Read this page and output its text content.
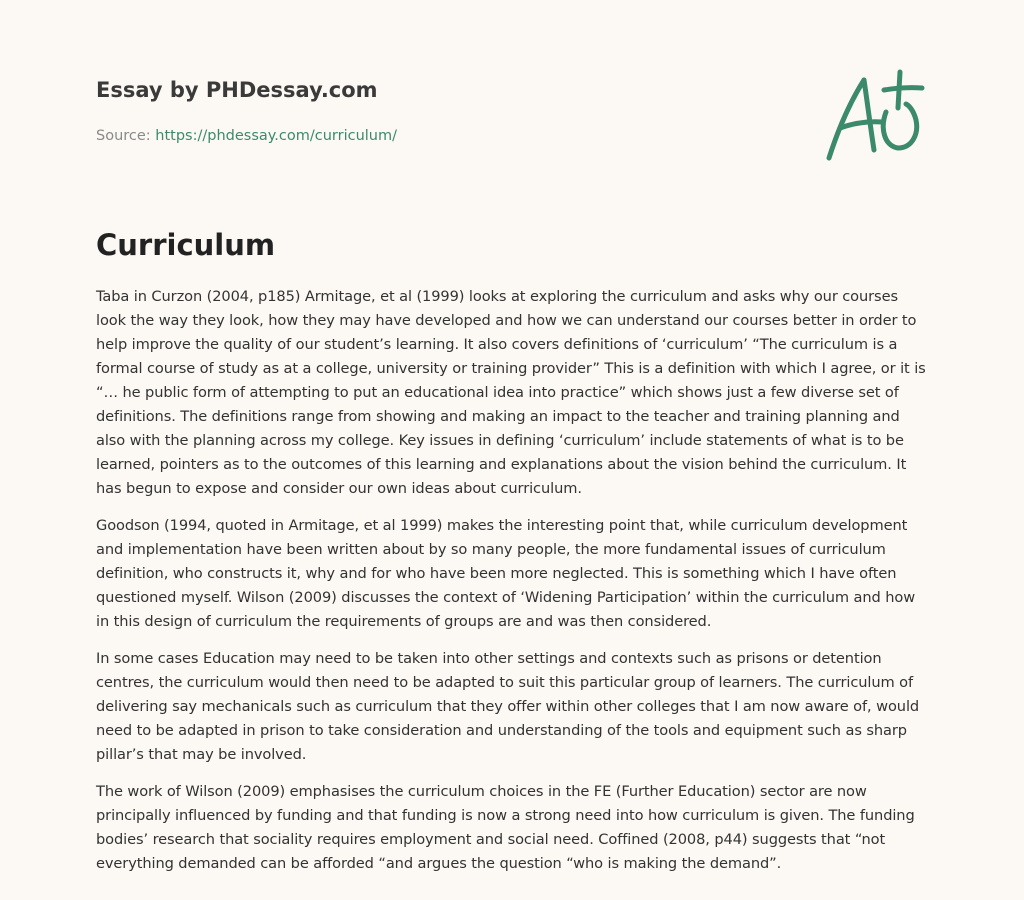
Essay by PHDessay.com
Source: https://phdessay.com/curriculum/
Curriculum

Taba in Curzon (2004, p185) Armitage, et al (1999) looks at exploring the curriculum and asks why our courses look the way they look, how they may have developed and how we can understand our courses better in order to help improve the quality of our student’s learning. It also covers definitions of ‘curriculum’ “The curriculum is a formal course of study as at a college, university or training provider” This is a definition with which I agree, or it is “… he public form of attempting to put an educational idea into practice” which shows just a few diverse set of definitions. The definitions range from showing and making an impact to the teacher and training planning and also with the planning across my college. Key issues in defining ‘curriculum’ include statements of what is to be learned, pointers as to the outcomes of this learning and explanations about the vision behind the curriculum. It has begun to expose and consider our own ideas about curriculum.

Goodson (1994, quoted in Armitage, et al 1999) makes the interesting point that, while curriculum development and implementation have been written about by so many people, the more fundamental issues of curriculum definition, who constructs it, why and for who have been more neglected. This is something which I have often questioned myself. Wilson (2009) discusses the context of ‘Widening Participation’ within the curriculum and how in this design of curriculum the requirements of groups are and was then considered.

In some cases Education may need to be taken into other settings and contexts such as prisons or detention centres, the curriculum would then need to be adapted to suit this particular group of learners. The curriculum of delivering say mechanicals such as curriculum that they offer within other colleges that I am now aware of, would need to be adapted in prison to take consideration and understanding of the tools and equipment such as sharp pillar’s that may be involved.

The work of Wilson (2009) emphasises the curriculum choices in the FE (Further Education) sector are now principally influenced by funding and that funding is now a strong need into how curriculum is given. The funding bodies’ research that sociality requires employment and social need. Coffined (2008, p44) suggests that “not everything demanded can be afforded “and argues the question “who is making the demand”.
